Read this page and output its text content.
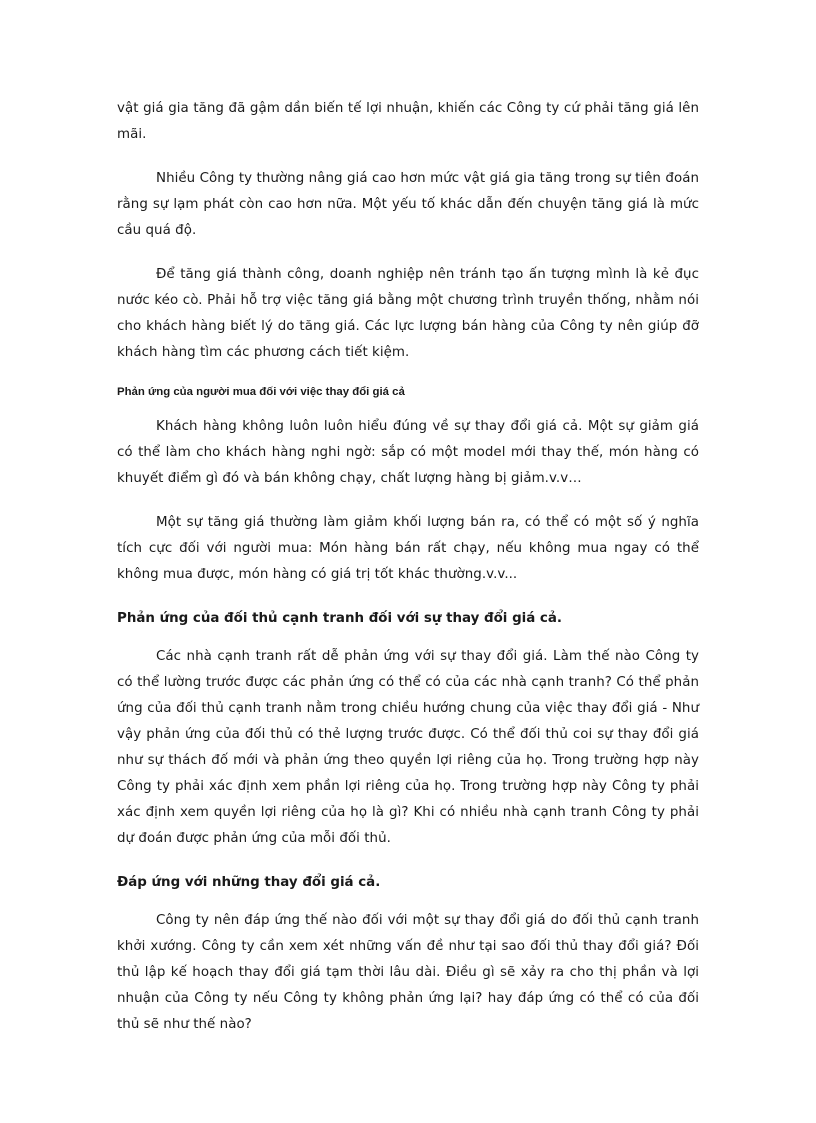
vật giá gia tăng đã gậm dần biến tế lợi nhuận, khiến các Công ty cứ phải tăng giá lên mãi.

Nhiều Công ty thường nâng giá cao hơn mức vật giá gia tăng trong sự tiên đoán rằng sự lạm phát còn cao hơn nữa. Một yếu tố khác dẫn đến chuyện tăng giá là mức cầu quá độ.

Để tăng giá thành công, doanh nghiệp nên tránh tạo ấn tượng mình là kẻ đục nước kéo cò. Phải hỗ trợ việc tăng giá bằng một chương trình truyền thống, nhằm nói cho khách hàng biết lý do tăng giá. Các lực lượng bán hàng của Công ty nên giúp đỡ khách hàng tìm các phương cách tiết kiệm.

Phản ứng của người mua đối với việc thay đổi giá cả

Khách hàng không luôn luôn hiểu đúng về sự thay đổi giá cả. Một sự giảm giá có thể làm cho khách hàng nghi ngờ: sắp có một model mới thay thế, món hàng có khuyết điểm gì đó và bán không chạy, chất lượng hàng bị giảm.v.v…

Một sự tăng giá thường làm giảm khối lượng bán ra, có thể có một số ý nghĩa tích cực đối với người mua: Món hàng bán rất chạy, nếu không mua ngay có thể không mua được, món hàng có giá trị tốt khác thường.v.v...

Phản ứng của đối thủ cạnh tranh đối với sự thay đổi giá cả.

Các nhà cạnh tranh rất dễ phản ứng với sự thay đổi giá. Làm thế nào Công ty có thể lường trước được các phản ứng có thể có của các nhà cạnh tranh? Có thể phản ứng của đối thủ cạnh tranh nằm trong chiều hướng chung của việc thay đổi giá - Như vậy phản ứng của đối thủ có thẻ lượng trước được. Có thể đối thủ coi sự thay đổi giá như sự thách đố mới và phản ứng theo quyền lợi riêng của họ. Trong trường hợp này Công ty phải xác định xem phần lợi riêng của họ. Trong trường hợp này Công ty phải xác định xem quyền lợi riêng của họ là gì? Khi có nhiều nhà cạnh tranh Công ty phải dự đoán được phản ứng của mỗi đối thủ.

Đáp ứng với những thay đổi giá cả.

Công ty nên đáp ứng thế nào đối với một sự thay đổi giá do đối thủ cạnh tranh khởi xướng. Công ty cần xem xét những vấn đề như tại sao đối thủ thay đổi giá? Đối thủ lập kế hoạch thay đổi giá tạm thời lâu dài. Điều gì sẽ xảy ra cho thị phần và lợi nhuận của Công ty nếu Công ty không phản ứng lại? hay đáp ứng có thể có của đối thủ sẽ như thế nào?
